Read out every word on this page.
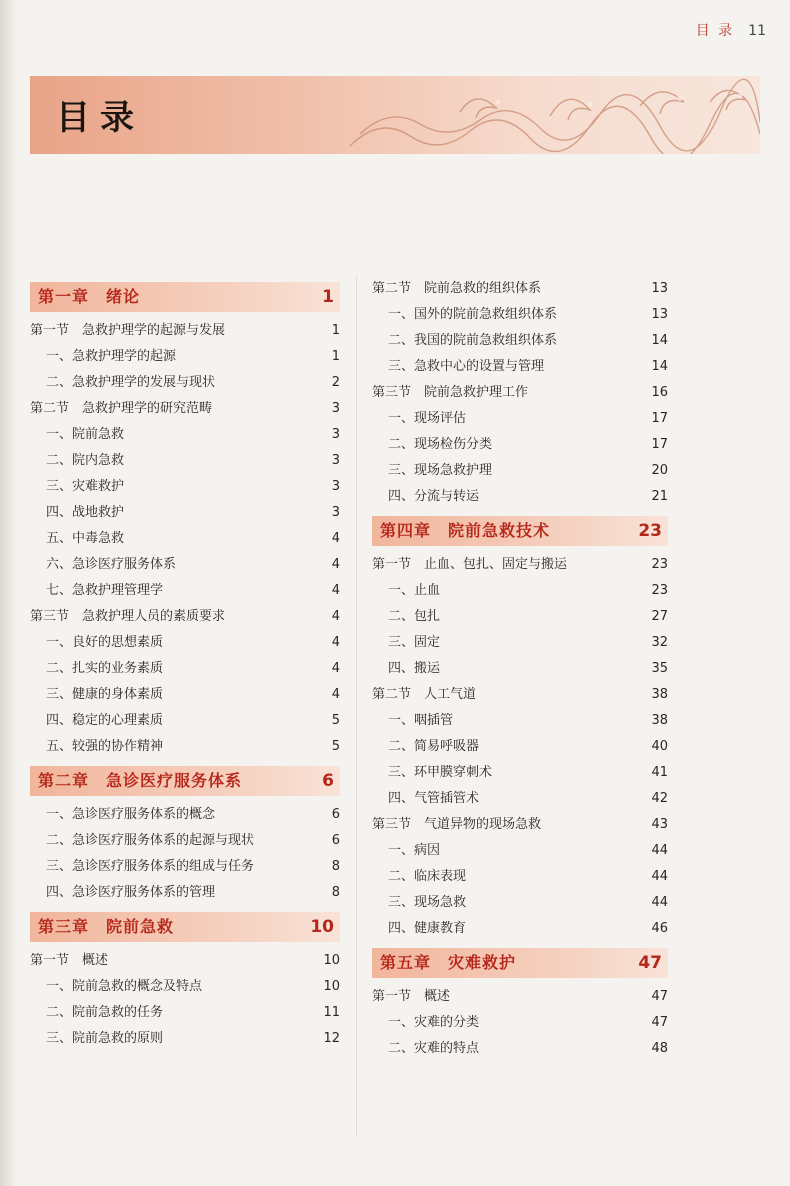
目 录 11
目录
第一章　绪论	1
第一节　急救护理学的起源与发展	1
一、急救护理学的起源	1
二、急救护理学的发展与现状	2
第二节　急救护理学的研究范畴	3
一、院前急救	3
二、院内急救	3
三、灾难救护	3
四、战地救护	3
五、中毒急救	4
六、急诊医疗服务体系	4
七、急救护理管理学	4
第三节　急救护理人员的素质要求	4
一、良好的思想素质	4
二、扎实的业务素质	4
三、健康的身体素质	4
四、稳定的心理素质	5
五、较强的协作精神	5
第二章　急诊医疗服务体系	6
一、急诊医疗服务体系的概念	6
二、急诊医疗服务体系的起源与现状	6
三、急诊医疗服务体系的组成与任务	8
四、急诊医疗服务体系的管理	8
第三章　院前急救	10
第一节　概述	10
一、院前急救的概念及特点	10
二、院前急救的任务	11
三、院前急救的原则	12
第二节　院前急救的组织体系	13
一、国外的院前急救组织体系	13
二、我国的院前急救组织体系	14
三、急救中心的设置与管理	14
第三节　院前急救护理工作	16
一、现场评估	17
二、现场检伤分类	17
三、现场急救护理	20
四、分流与转运	21
第四章　院前急救技术	23
第一节　止血、包扎、固定与搬运	23
一、止血	23
二、包扎	27
三、固定	32
四、搬运	35
第二节　人工气道	38
一、咽插管	38
二、简易呼吸器	40
三、环甲膜穿刺术	41
四、气管插管术	42
第三节　气道异物的现场急救	43
一、病因	44
二、临床表现	44
三、现场急救	44
四、健康教育	46
第五章　灾难救护	47
第一节　概述	47
一、灾难的分类	47
二、灾难的特点	48
